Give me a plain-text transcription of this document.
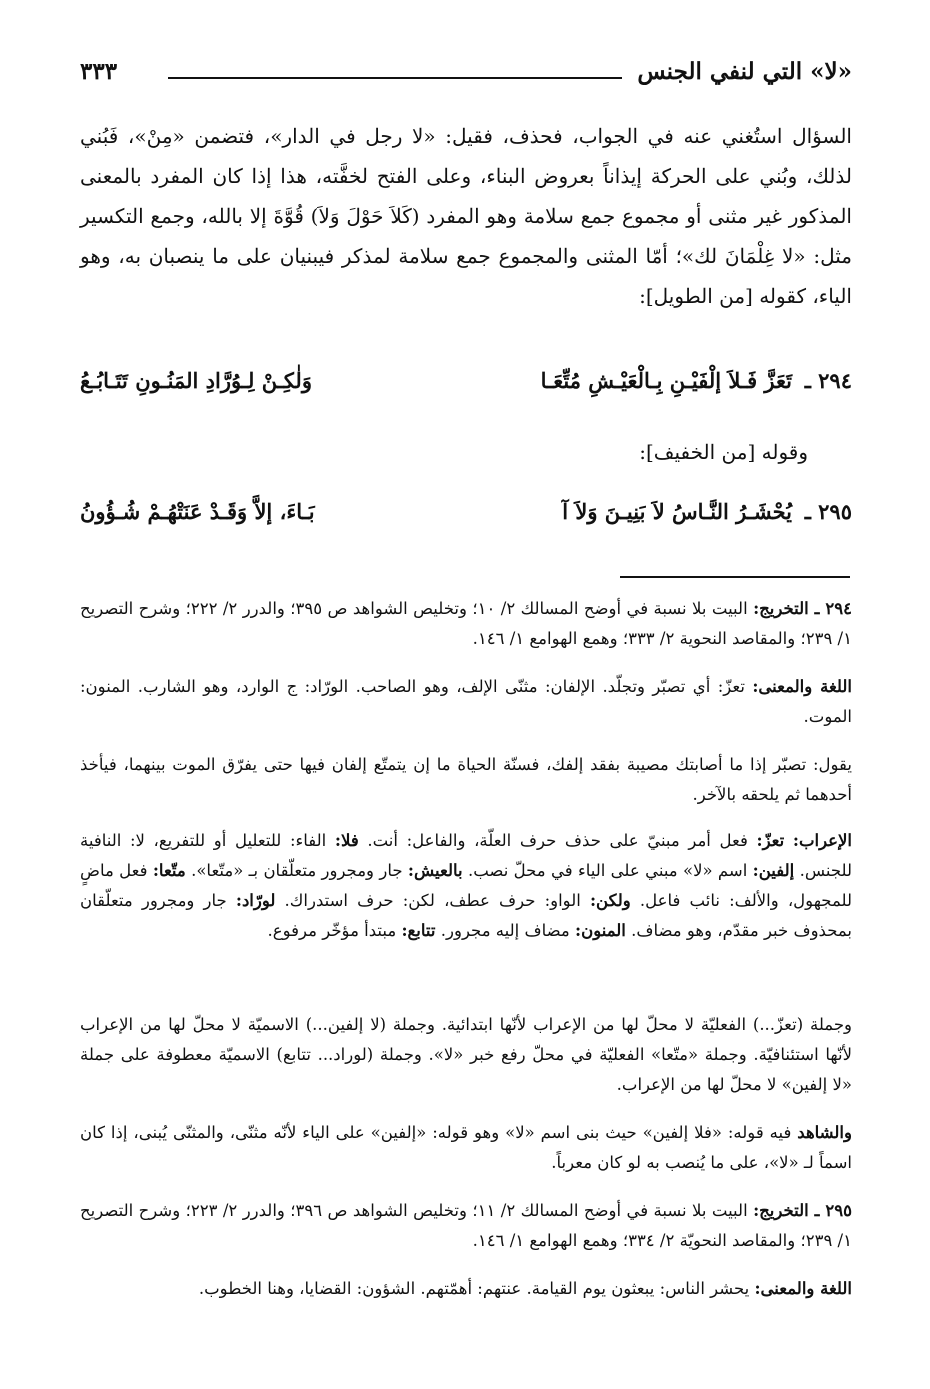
«لا» التي لنفي الجنس
٣٣٣

السؤال استُغني عنه في الجواب، فحذف، فقيل: «لا رجل في الدار»، فتضمن «مِنْ»، فَبُني لذلك، وبُني على الحركة إيذاناً بعروض البناء، وعلى الفتح لخفَّته، هذا إذا كان المفرد بالمعنى المذكور غير مثنى أو مجموع جمع سلامة وهو المفرد (كَلاَ حَوْلَ وَلاَ) قُوَّةَ إلا بالله، وجمع التكسير مثل: «لا غِلْمَانَ لك»؛ أمّا المثنى والمجموع جمع سلامة لمذكر فيبنيان على ما ينصبان به، وهو الياء، كقوله [من الطويل]:

٢٩٤ ـ
تَعَزَّ فَـلاَ إلْفَيْـنِ بِـالْعَيْـشِ مُتِّعَـا
وَلٰكِـنْ لِـوُرَّادِ المَنُـونِ تَتَـابُـعُ
وقوله [من الخفيف]:
٢٩٥ ـ
يُحْشَـرُ النَّـاسُ لاَ بَنِيـنَ وَلاَ آ
بَـاءَ، إلاَّ وَقَـدْ عَنَتْهُـمْ شُـؤُونُ

٢٩٤ ـ التخريج: البيت بلا نسبة في أوضح المسالك ٢/ ١٠؛ وتخليص الشواهد ص ٣٩٥؛ والدرر ٢/ ٢٢٢؛ وشرح التصريح ١/ ٢٣٩؛ والمقاصد النحوية ٢/ ٣٣٣؛ وهمع الهوامع ١/ ١٤٦.

اللغة والمعنى: تعزّ: أي تصبّر وتجلّد. الإلفان: مثنّى الإلف، وهو الصاحب. الورّاد: ج الوارد، وهو الشارب. المنون: الموت.

يقول: تصبّر إذا ما أصابتك مصيبة بفقد إلفك، فسنّة الحياة ما إن يتمتّع إلفان فيها حتى يفرّق الموت بينهما، فيأخذ أحدهما ثم يلحقه بالآخر.

الإعراب: تعزّ: فعل أمر مبنيّ على حذف حرف العلّة، والفاعل: أنت. فلا: الفاء: للتعليل أو للتفريع، لا: النافية للجنس. إلفين: اسم «لا» مبني على الياء في محلّ نصب. بالعيش: جار ومجرور متعلّقان بـ «متّعا». متّعا: فعل ماضٍ للمجهول، والألف: نائب فاعل. ولكن: الواو: حرف عطف، لكن: حرف استدراك. لورّاد: جار ومجرور متعلّقان بمحذوف خبر مقدّم، وهو مضاف. المنون: مضاف إليه مجرور. تتابع: مبتدأ مؤخّر مرفوع.

وجملة (تعزّ...) الفعليّة لا محلّ لها من الإعراب لأنّها ابتدائية. وجملة (لا إلفين...) الاسميّة لا محلّ لها من الإعراب لأنّها استئنافيّة. وجملة «متّعا» الفعليّة في محلّ رفع خبر «لا». وجملة (لوراد... تتابع) الاسميّة معطوفة على جملة «لا إلفين» لا محلّ لها من الإعراب.

والشاهد فيه قوله: «فلا إلفين» حيث بنى اسم «لا» وهو قوله: «إلفين» على الياء لأنّه مثنّى، والمثنّى يُبنى، إذا كان اسماً لـ «لا»، على ما يُنصب به لو كان معرباً.

٢٩٥ ـ التخريج: البيت بلا نسبة في أوضح المسالك ٢/ ١١؛ وتخليص الشواهد ص ٣٩٦؛ والدرر ٢/ ٢٢٣؛ وشرح التصريح ١/ ٢٣٩؛ والمقاصد النحويّة ٢/ ٣٣٤؛ وهمع الهوامع ١/ ١٤٦.

اللغة والمعنى: يحشر الناس: يبعثون يوم القيامة. عنتهم: أهمّتهم. الشؤون: القضايا، وهنا الخطوب.
